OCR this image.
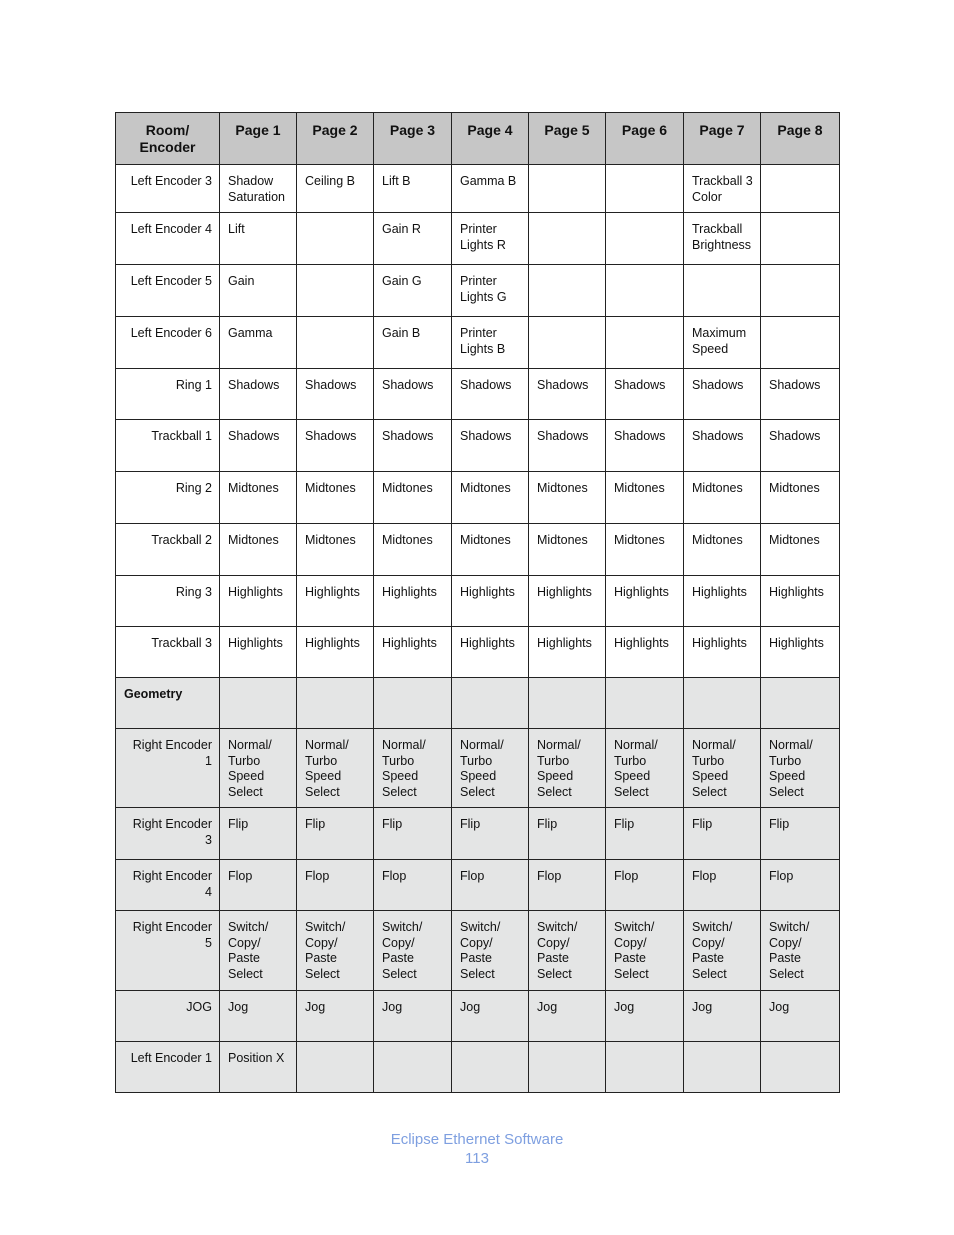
Room/ Encoder	Page 1	Page 2	Page 3	Page 4	Page 5	Page 6	Page 7	Page 8
Left Encoder 3	Shadow Saturation	Ceiling B	Lift B	Gamma B			Trackball 3 Color	
Left Encoder 4	Lift		Gain R	Printer Lights R			Trackball Brightness	
Left Encoder 5	Gain		Gain G	Printer Lights G				
Left Encoder 6	Gamma		Gain B	Printer Lights B			Maximum Speed	
Ring 1	Shadows	Shadows	Shadows	Shadows	Shadows	Shadows	Shadows	Shadows
Trackball 1	Shadows	Shadows	Shadows	Shadows	Shadows	Shadows	Shadows	Shadows
Ring 2	Midtones	Midtones	Midtones	Midtones	Midtones	Midtones	Midtones	Midtones
Trackball 2	Midtones	Midtones	Midtones	Midtones	Midtones	Midtones	Midtones	Midtones
Ring 3	Highlights	Highlights	Highlights	Highlights	Highlights	Highlights	Highlights	Highlights
Trackball 3	Highlights	Highlights	Highlights	Highlights	Highlights	Highlights	Highlights	Highlights
Geometry								
Right Encoder 1	Normal/ Turbo Speed Select	Normal/ Turbo Speed Select	Normal/ Turbo Speed Select	Normal/ Turbo Speed Select	Normal/ Turbo Speed Select	Normal/ Turbo Speed Select	Normal/ Turbo Speed Select	Normal/ Turbo Speed Select
Right Encoder 3	Flip	Flip	Flip	Flip	Flip	Flip	Flip	Flip
Right Encoder 4	Flop	Flop	Flop	Flop	Flop	Flop	Flop	Flop
Right Encoder 5	Switch/ Copy/ Paste Select	Switch/ Copy/ Paste Select	Switch/ Copy/ Paste Select	Switch/ Copy/ Paste Select	Switch/ Copy/ Paste Select	Switch/ Copy/ Paste Select	Switch/ Copy/ Paste Select	Switch/ Copy/ Paste Select
JOG	Jog	Jog	Jog	Jog	Jog	Jog	Jog	Jog
Left Encoder 1	Position X							
Eclipse Ethernet Software
113
